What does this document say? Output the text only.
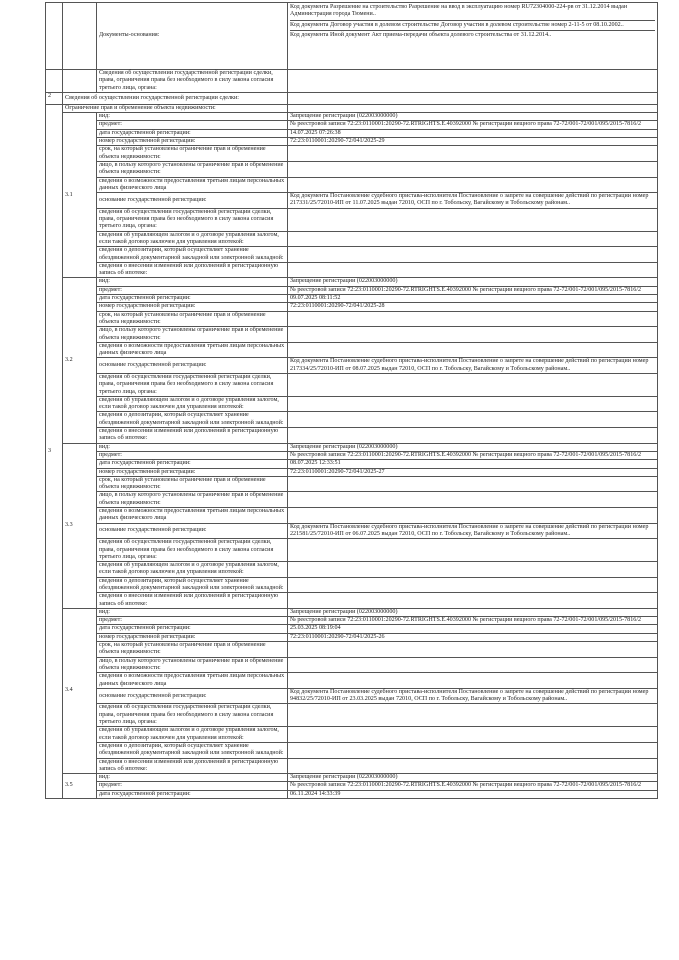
		Документы-основания:	Код документа Разрешение на строительство Разрешение на ввод в эксплуатацию номер RU72304000-224-рв от 31.12.2014 выдан Администрация города Тюмени..
Код документа Договор участия в долевом строительстве Договор участия в долевом строительстве номер 2-11-5 от 08.10.2002..
Код документа Иной документ Акт приема-передачи объекта долевого строительства от 31.12.2014..

		Сведения об осуществлении государственной регистрации сделки, права, ограничения права без необходимого в силу закона согласия третьего лица, органа:	
2	Сведения об осуществлении государственной регистрации сделки:		
3	Ограничение прав и обременение объекта недвижимости:		
	3.1	вид:	Запрещение регистрации (022003000000)
		предмет:	№ реестровой записи 72:23:0110001:20290-72.RTRIGHTS.E.40392000 № регистрации вещного права 72-72/001-72/001/095/2015-7816/2
		дата государственной регистрации:	14.07.2025 07:26:38
		номер государственной регистрации:	72:23:0110001:20290-72/041/2025-29
		срок, на который установлены ограничение прав и обременение объекта недвижимости:	
		лицо, в пользу которого установлены ограничение прав и обременение объекта недвижимости:	
		сведения о возможности предоставления третьим лицам персональных данных физического лица	
		основание государственной регистрации:	Код документа Постановление судебного пристава-исполнителя Постановление о запрете на совершение действий по регистрации номер 217331/25/72010-ИП от 11.07.2025 выдан 72010, ОСП по г. Тобольску, Вагайскому и Тобольскому районам..
		сведения об осуществлении государственной регистрации сделки, права, ограничения права без необходимого в силу закона согласия третьего лица, органа:	
		сведения об управляющем залогом и о договоре управления залогом, если такой договор заключен для управления ипотекой:	
		сведения о депозитарии, который осуществляет хранение обездвиженной документарной закладной или электронной закладной:	
		сведения о внесении изменений или дополнений в регистрационную запись об ипотеке:	
	3.2	вид:	Запрещение регистрации (022003000000)
		предмет:	№ реестровой записи 72:23:0110001:20290-72.RTRIGHTS.E.40392000 № регистрации вещного права 72-72/001-72/001/095/2015-7816/2
		дата государственной регистрации:	09.07.2025 08:11:52
		номер государственной регистрации:	72:23:0110001:20290-72/041/2025-28
		срок, на который установлены ограничение прав и обременение объекта недвижимости:	
		лицо, в пользу которого установлены ограничение прав и обременение объекта недвижимости:	
		сведения о возможности предоставления третьим лицам персональных данных физического лица	
		основание государственной регистрации:	Код документа Постановление судебного пристава-исполнителя Постановление о запрете на совершение действий по регистрации номер 217334/25/72010-ИП от 08.07.2025 выдан 72010, ОСП по г. Тобольску, Вагайскому и Тобольскому районам..
		сведения об осуществлении государственной регистрации сделки, права, ограничения права без необходимого в силу закона согласия третьего лица, органа:	
		сведения об управляющем залогом и о договоре управления залогом, если такой договор заключен для управления ипотекой:	
		сведения о депозитарии, который осуществляет хранение обездвиженной документарной закладной или электронной закладной:	
		сведения о внесении изменений или дополнений в регистрационную запись об ипотеке:	
	3.3	вид:	Запрещение регистрации (022003000000)
		предмет:	№ реестровой записи 72:23:0110001:20290-72.RTRIGHTS.E.40392000 № регистрации вещного права 72-72/001-72/001/095/2015-7816/2
		дата государственной регистрации:	08.07.2025 12:33:51
		номер государственной регистрации:	72:23:0110001:20290-72/041/2025-27
		срок, на который установлены ограничение прав и обременение объекта недвижимости:	
		лицо, в пользу которого установлены ограничение прав и обременение объекта недвижимости:	
		сведения о возможности предоставления третьим лицам персональных данных физического лица	
		основание государственной регистрации:	Код документа Постановление судебного пристава-исполнителя Постановление о запрете на совершение действий по регистрации номер 221581/25/72010-ИП от 06.07.2025 выдан 72010, ОСП по г. Тобольску, Вагайскому и Тобольскому районам..
		сведения об осуществлении государственной регистрации сделки, права, ограничения права без необходимого в силу закона согласия третьего лица, органа:	
		сведения об управляющем залогом и о договоре управления залогом, если такой договор заключен для управления ипотекой:	
		сведения о депозитарии, который осуществляет хранение обездвиженной документарной закладной или электронной закладной:	
		сведения о внесении изменений или дополнений в регистрационную запись об ипотеке:	
	3.4	вид:	Запрещение регистрации (022003000000)
		предмет:	№ реестровой записи 72:23:0110001:20290-72.RTRIGHTS.E.40392000 № регистрации вещного права 72-72/001-72/001/095/2015-7816/2
		дата государственной регистрации:	25.03.2025 08:19:04
		номер государственной регистрации:	72:23:0110001:20290-72/041/2025-26
		срок, на который установлены ограничение прав и обременение объекта недвижимости:	
		лицо, в пользу которого установлены ограничение прав и обременение объекта недвижимости:	
		сведения о возможности предоставления третьим лицам персональных данных физического лица	
		основание государственной регистрации:	Код документа Постановление судебного пристава-исполнителя Постановление о запрете на совершение действий по регистрации номер 94832/25/72010-ИП от 23.03.2025 выдан 72010, ОСП по г. Тобольску, Вагайскому и Тобольскому районам..
		сведения об осуществлении государственной регистрации сделки, права, ограничения права без необходимого в силу закона согласия третьего лица, органа:	
		сведения об управляющем залогом и о договоре управления залогом, если такой договор заключен для управления ипотекой:	
		сведения о депозитарии, который осуществляет хранение обездвиженной документарной закладной или электронной закладной:	
		сведения о внесении изменений или дополнений в регистрационную запись об ипотеке:	
	3.5	вид:	Запрещение регистрации (022003000000)
		предмет:	№ реестровой записи 72:23:0110001:20290-72.RTRIGHTS.E.40392000 № регистрации вещного права 72-72/001-72/001/095/2015-7816/2
		дата государственной регистрации:	06.11.2024 14:33:39
